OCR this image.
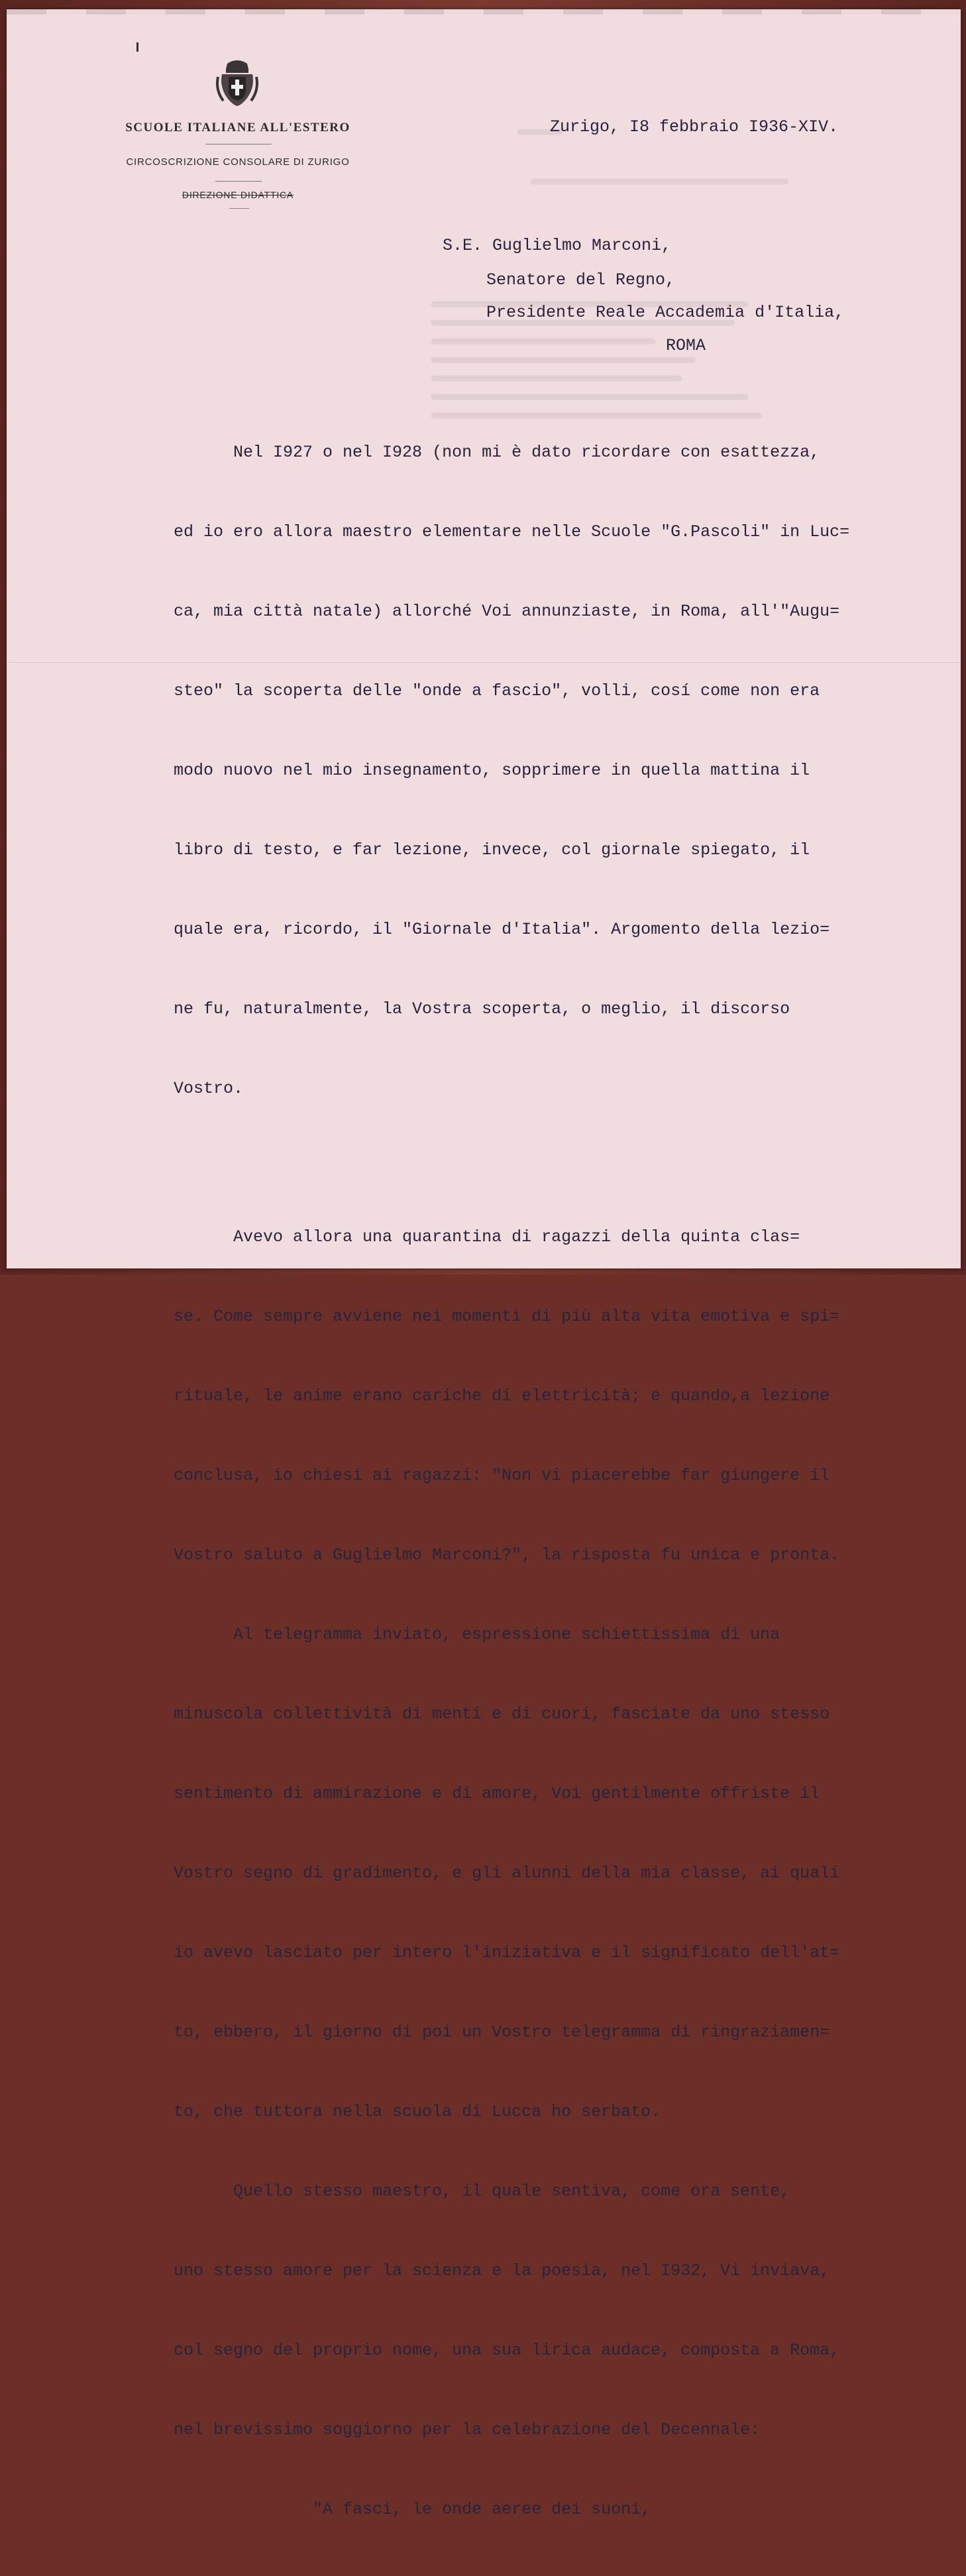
SCUOLE ITALIANE ALL'ESTERO
CIRCOSCRIZIONE CONSOLARE DI ZURIGO
DIREZIONE DIDATTICA
Zurigo, I8 febbraio I936-XIV.
S.E. Guglielmo Marconi,
Senatore del Regno,
Presidente Reale Accademia d'Italia,
ROMA

Nel I927 o nel I928 (non mi è dato ricordare con esattezza,

ed io ero allora maestro elementare nelle Scuole "G.Pascoli" in Luc=

ca, mia città natale) allorché Voi annunziaste, in Roma, all'"Augu=

steo" la scoperta delle "onde a fascio", volli, cosí come non era

modo nuovo nel mio insegnamento, sopprimere in quella mattina il

libro di testo, e far lezione, invece, col giornale spiegato, il

quale era, ricordo, il "Giornale d'Italia". Argomento della lezio=

ne fu, naturalmente, la Vostra scoperta, o meglio, il discorso

Vostro.

Avevo allora una quarantina di ragazzi della quinta clas=

se. Come sempre avviene nei momenti di più alta vita emotiva e spi=

rituale, le anime erano cariche di elettricità; e quando,a lezione

conclusa, io chiesi ai ragazzi: "Non vi piacerebbe far giungere il

Vostro saluto a Guglielmo Marconi?", la risposta fu unica e pronta.

Al telegramma inviato, espressione schiettissima di una

minuscola collettività di menti e di cuori, fasciate da uno stesso

sentimento di ammirazione e di amore, Voi gentilmente offriste il

Vostro segno di gradimento, e gli alunni della mia classe, ai quali

io avevo lasciato per intero l'iniziativa e il significato dell'at=

to, ebbero, il giorno di poi un Vostro telegramma di ringraziamen=

to, che tuttora nella scuola di Lucca ho serbato.

Quello stesso maestro, il quale sentiva, come ora sente,

uno stesso amore per la scienza e la poesia, nel I932, Vi inviava,

col segno del proprio nome, una sua lirica audace, composta a Roma,

nel brevissimo soggiorno per la celebrazione del Decennale:

"A fasci, le onde aeree dei suoni,
